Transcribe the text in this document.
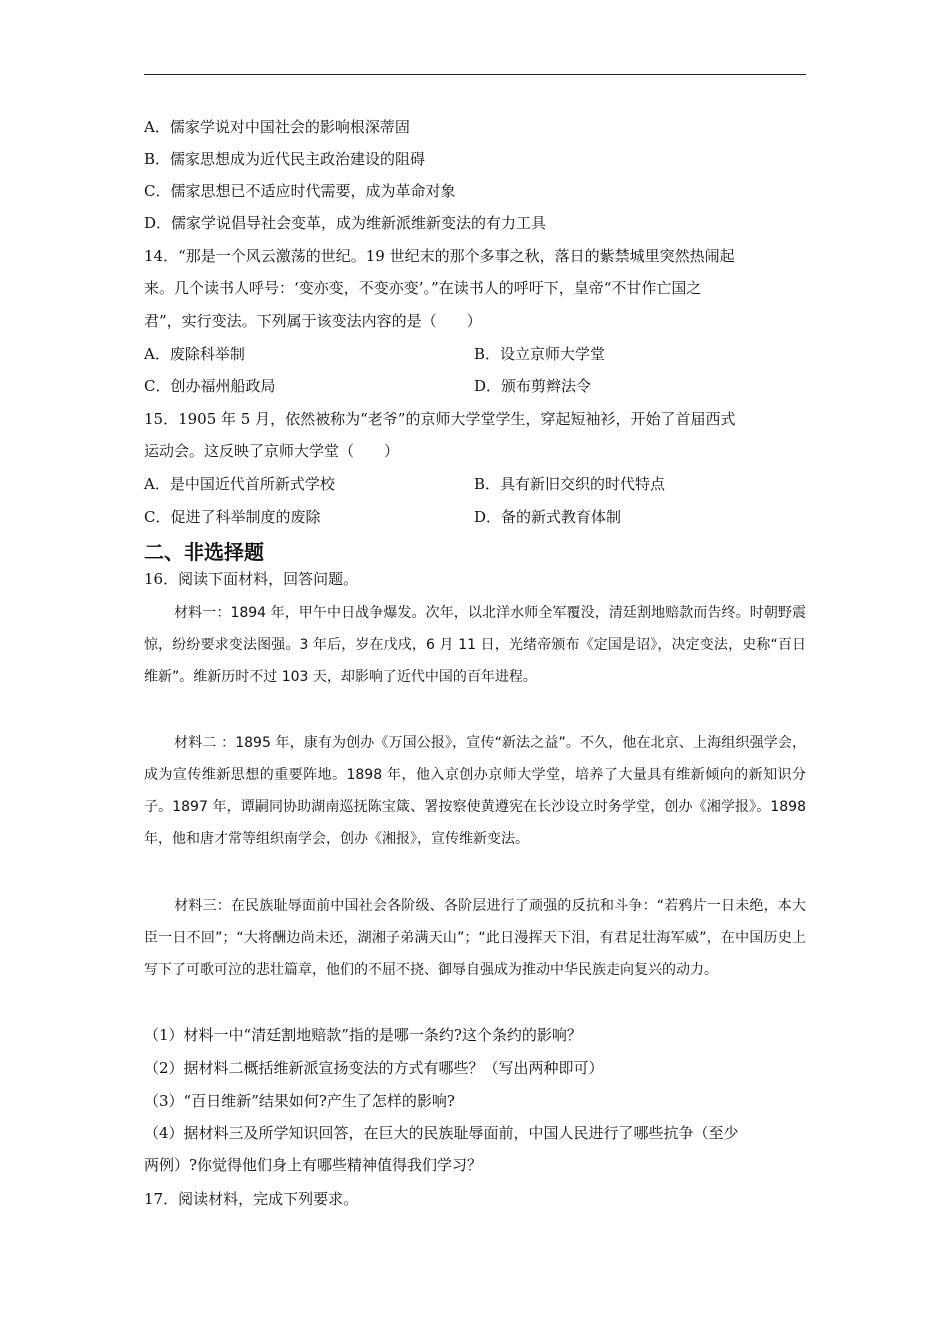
A．儒家学说对中国社会的影响根深蒂固
B．儒家思想成为近代民主政治建设的阻碍
C．儒家思想已不适应时代需要，成为革命对象
D．儒家学说倡导社会变革，成为维新派维新变法的有力工具
14．“那是一个风云激荡的世纪。19 世纪末的那个多事之秋，落日的紫禁城里突然热闹起
来。几个读书人呼号：‘变亦变，不变亦变’。”在读书人的呼吁下，皇帝“不甘作亡国之
君”，实行变法。下列属于该变法内容的是（　　）
A．废除科举制	B．设立京师大学堂
C．创办福州船政局	D．颁布剪辫法令
15．1905 年 5 月，依然被称为“老爷”的京师大学堂学生，穿起短袖衫，开始了首届西式
运动会。这反映了京师大学堂（　　）
A．是中国近代首所新式学校	B．具有新旧交织的时代特点
C．促进了科举制度的废除	D．备的新式教育体制
二、非选择题
16．阅读下面材料，回答问题。
材料一：1894 年，甲午中日战争爆发。次年，以北洋水师全军覆没，清廷割地赔款而告终。时朝野震惊，纷纷要求变法图强。3 年后，岁在戊戌，6 月 11 日，光绪帝颁布《定国是诏》，决定变法，史称“百日维新”。维新历时不过 103 天，却影响了近代中国的百年进程。
材料二 ：1895 年，康有为创办《万国公报》，宣传“新法之益”。不久，他在北京、上海组织强学会，成为宣传维新思想的重要阵地。1898 年，他入京创办京师大学堂，培养了大量具有维新倾向的新知识分子。1897 年，谭嗣同协助湖南巡抚陈宝箴、署按察使黄遵宪在长沙设立时务学堂，创办《湘学报》。1898 年，他和唐才常等组织南学会，创办《湘报》，宣传维新变法。
材料三：在民族耻辱面前中国社会各阶级、各阶层进行了顽强的反抗和斗争：“若鸦片一日未绝，本大臣一日不回”；“大将酬边尚未还，湖湘子弟满天山”；“此日漫挥天下泪，有君足壮海军威”，在中国历史上写下了可歌可泣的悲壮篇章，他们的不屈不挠、御辱自强成为推动中华民族走向复兴的动力。
（1）材料一中“清廷割地赔款”指的是哪一条约?这个条约的影响？
（2）据材料二概括维新派宣扬变法的方式有哪些？（写出两种即可）
（3）“百日维新”结果如何?产生了怎样的影响?
（4）据材料三及所学知识回答，在巨大的民族耻辱面前，中国人民进行了哪些抗争（至少
两例）?你觉得他们身上有哪些精神值得我们学习？
17．阅读材料，完成下列要求。
